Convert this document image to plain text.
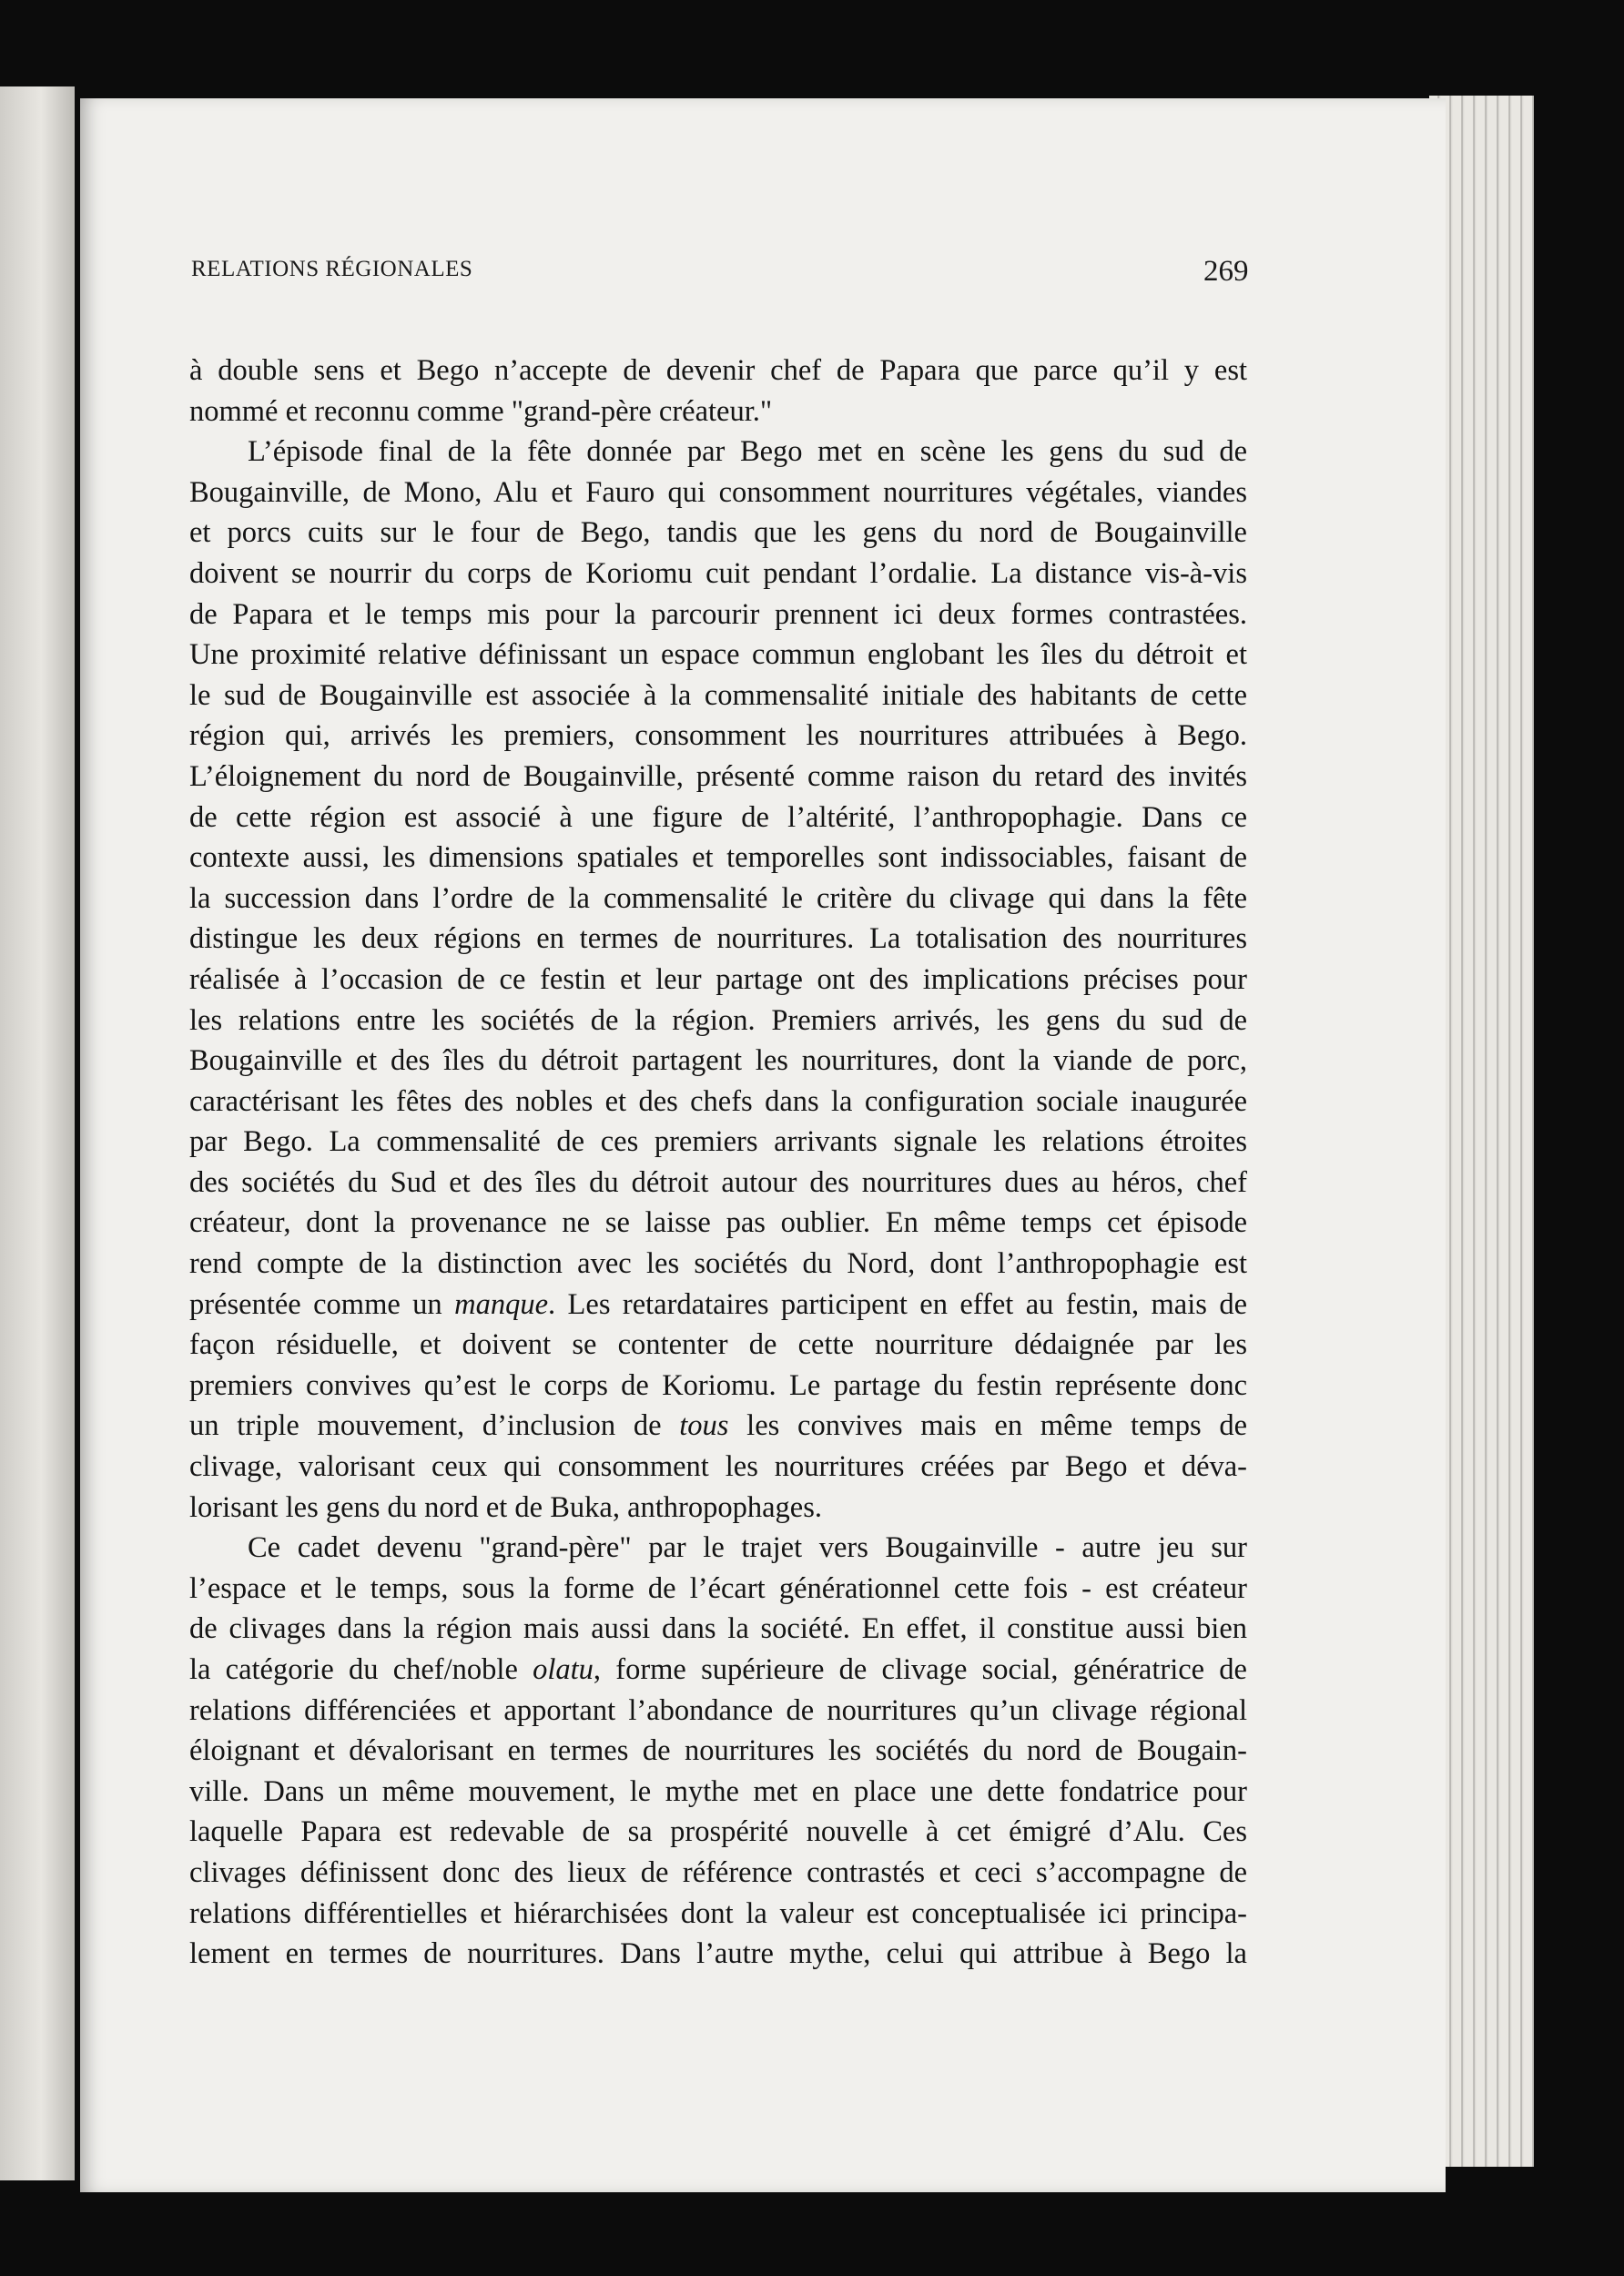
RELATIONS RÉGIONALES	269
à double sens et Bego n’accepte de devenir chef de Papara que parce qu’il y est
nommé et reconnu comme "grand-père créateur."
L’épisode final de la fête donnée par Bego met en scène les gens du sud de
Bougainville, de Mono, Alu et Fauro qui consomment nourritures végétales, viandes
et porcs cuits sur le four de Bego, tandis que les gens du nord de Bougainville
doivent se nourrir du corps de Koriomu cuit pendant l’ordalie. La distance vis-à-vis
de Papara et le temps mis pour la parcourir prennent ici deux formes contrastées.
Une proximité relative définissant un espace commun englobant les îles du détroit et
le sud de Bougainville est associée à la commensalité initiale des habitants de cette
région qui, arrivés les premiers, consomment les nourritures attribuées à Bego.
L’éloignement du nord de Bougainville, présenté comme raison du retard des invités
de cette région est associé à une figure de l’altérité, l’anthropophagie. Dans ce
contexte aussi, les dimensions spatiales et temporelles sont indissociables, faisant de
la succession dans l’ordre de la commensalité le critère du clivage qui dans la fête
distingue les deux régions en termes de nourritures. La totalisation des nourritures
réalisée à l’occasion de ce festin et leur partage ont des implications précises pour
les relations entre les sociétés de la région. Premiers arrivés, les gens du sud de
Bougainville et des îles du détroit partagent les nourritures, dont la viande de porc,
caractérisant les fêtes des nobles et des chefs dans la configuration sociale inaugurée
par Bego. La commensalité de ces premiers arrivants signale les relations étroites
des sociétés du Sud et des îles du détroit autour des nourritures dues au héros, chef
créateur, dont la provenance ne se laisse pas oublier. En même temps cet épisode
rend compte de la distinction avec les sociétés du Nord, dont l’anthropophagie est
présentée comme un manque. Les retardataires participent en effet au festin, mais de
façon résiduelle, et doivent se contenter de cette nourriture dédaignée par les
premiers convives qu’est le corps de Koriomu. Le partage du festin représente donc
un triple mouvement, d’inclusion de tous les convives mais en même temps de
clivage, valorisant ceux qui consomment les nourritures créées par Bego et déva-
lorisant les gens du nord et de Buka, anthropophages.
Ce cadet devenu "grand-père" par le trajet vers Bougainville - autre jeu sur
l’espace et le temps, sous la forme de l’écart générationnel cette fois - est créateur
de clivages dans la région mais aussi dans la société. En effet, il constitue aussi bien
la catégorie du chef/noble olatu, forme supérieure de clivage social, génératrice de
relations différenciées et apportant l’abondance de nourritures qu’un clivage régional
éloignant et dévalorisant en termes de nourritures les sociétés du nord de Bougain-
ville. Dans un même mouvement, le mythe met en place une dette fondatrice pour
laquelle Papara est redevable de sa prospérité nouvelle à cet émigré d’Alu. Ces
clivages définissent donc des lieux de référence contrastés et ceci s’accompagne de
relations différentielles et hiérarchisées dont la valeur est conceptualisée ici principa-
lement en termes de nourritures. Dans l’autre mythe, celui qui attribue à Bego la
